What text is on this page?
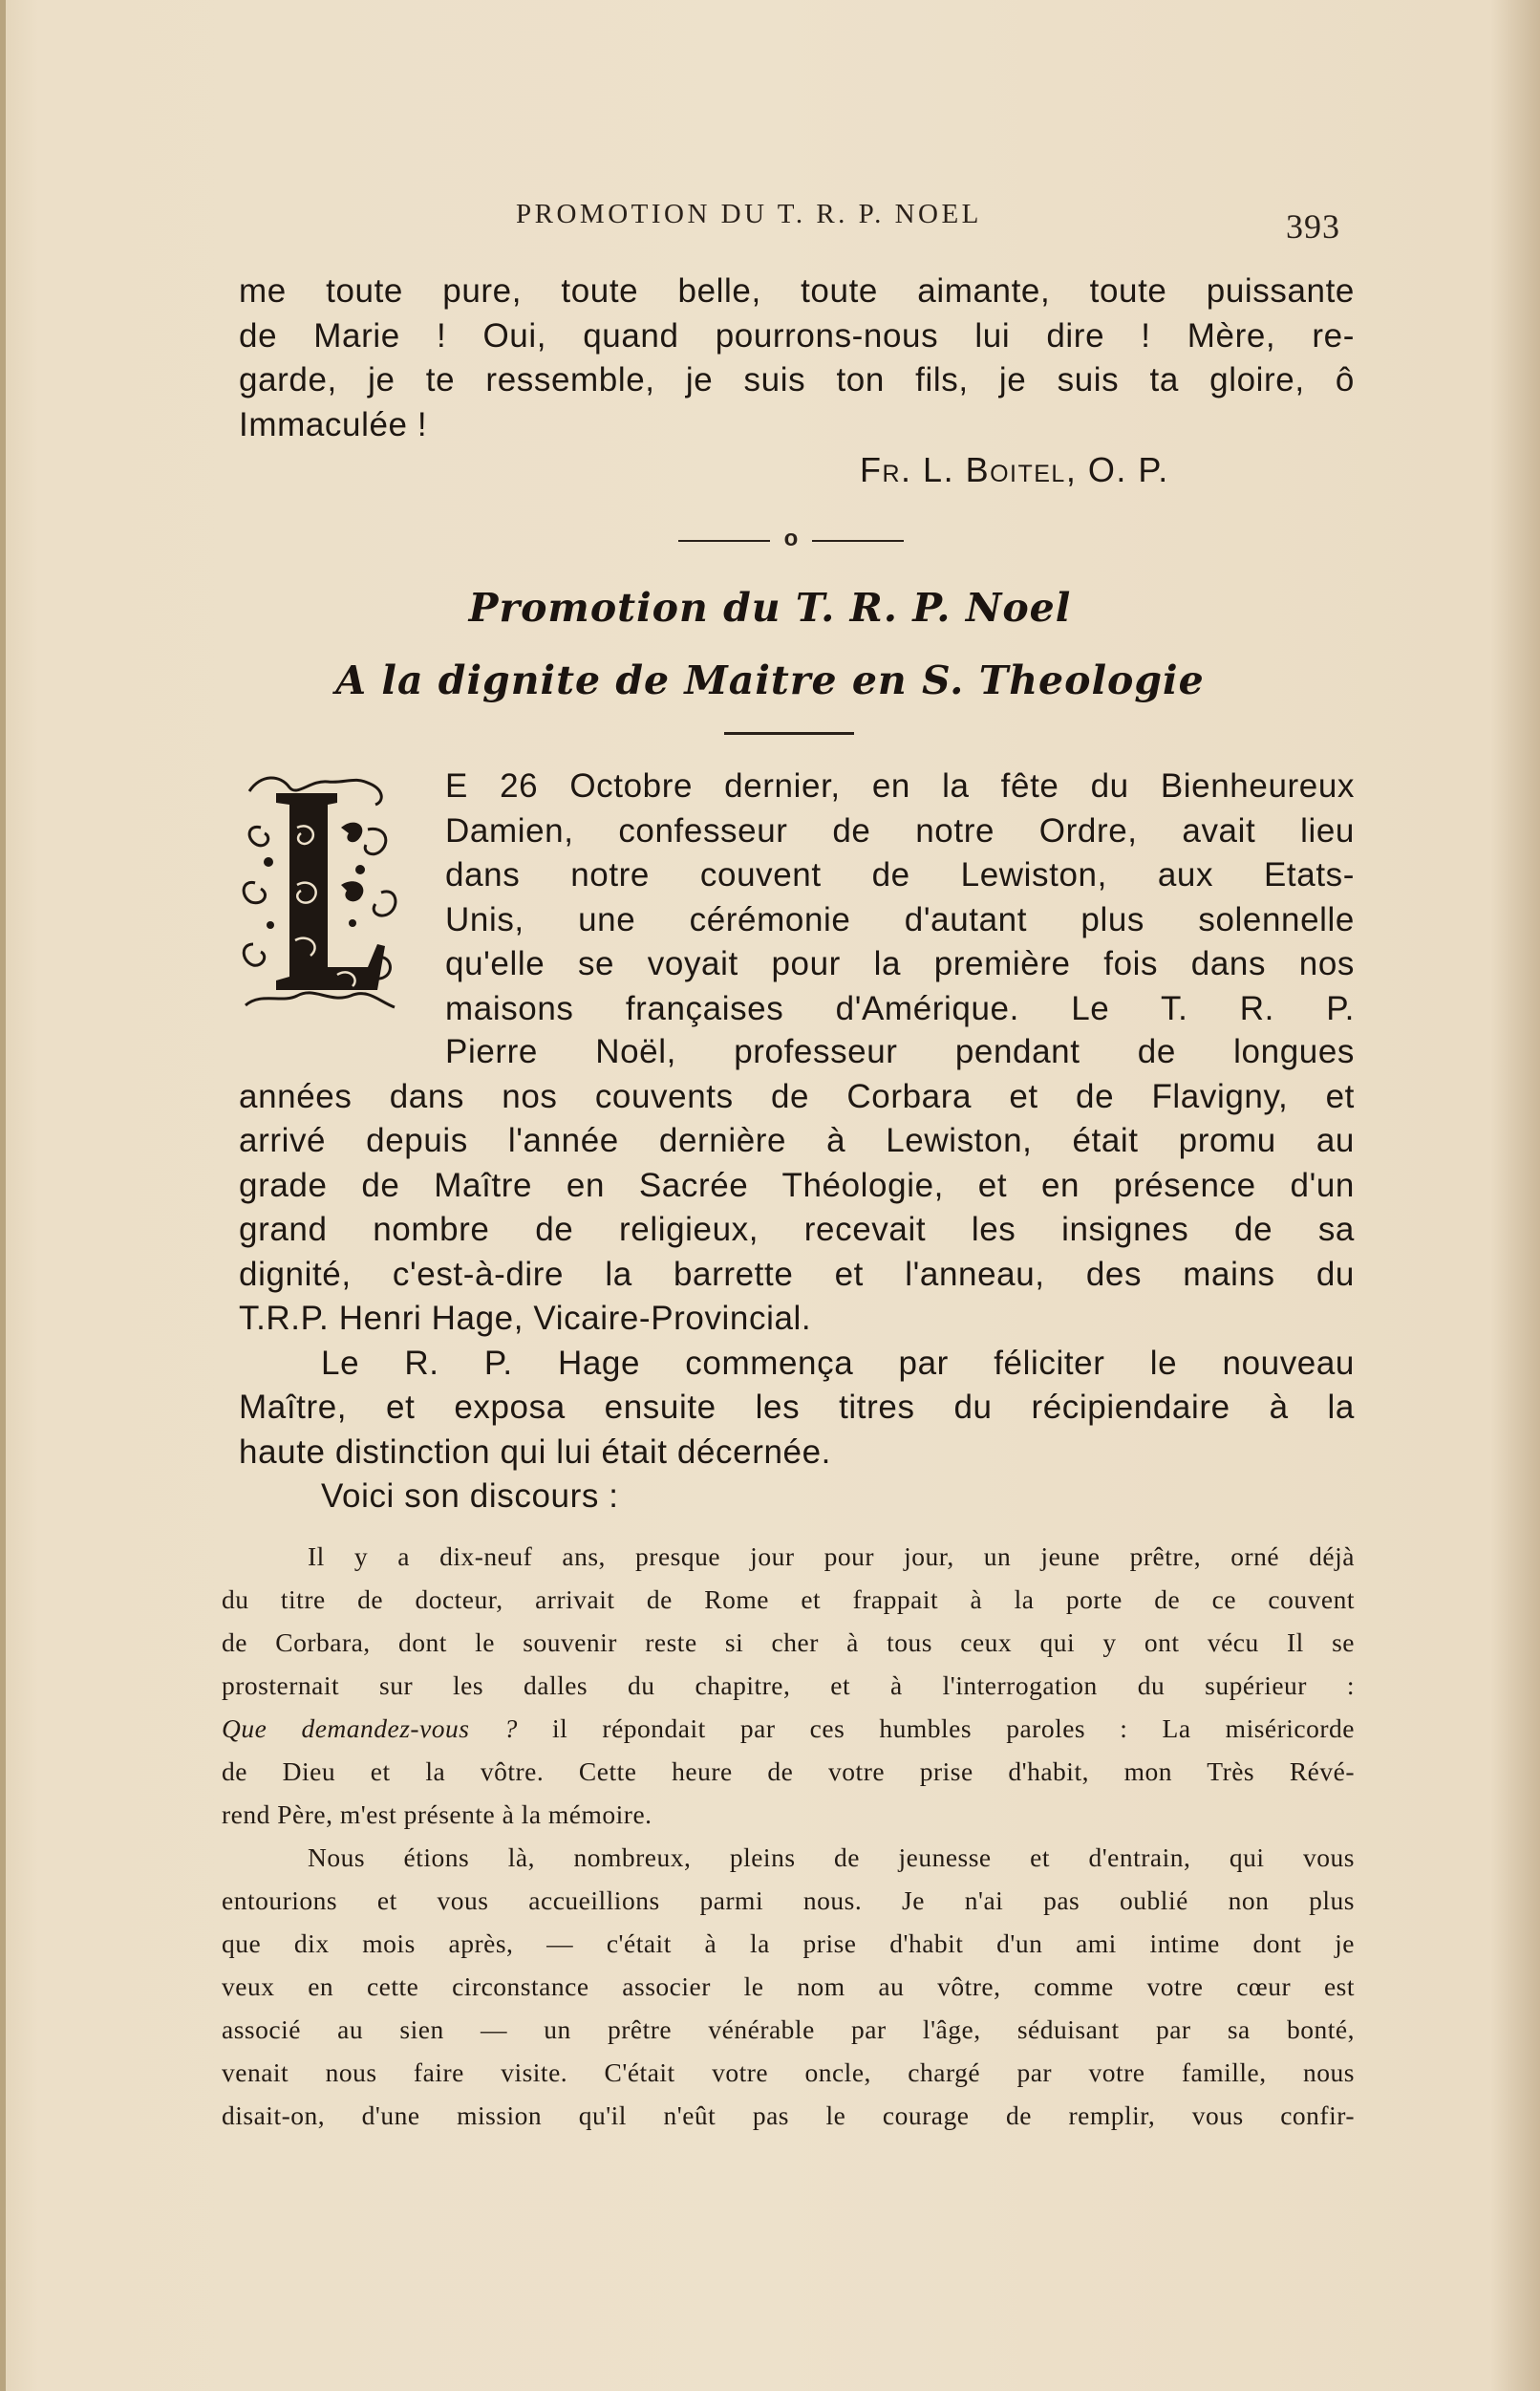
PROMOTION DU T. R. P. NOEL	393

me toute pure, toute belle, toute aimante, toute puissante

de Marie ! Oui, quand pourrons-nous lui dire ! Mère, re-

garde, je te ressemble, je suis ton fils, je suis ta gloire, ô

Immaculée !

Fr. L. Boitel, O. P.
o
Promotion du T. R. P. Noel
A la dignite de Maitre en S. Theologie

E 26 Octobre dernier, en la fête du Bienheureux

Damien, confesseur de notre Ordre, avait lieu

dans notre couvent de Lewiston, aux Etats-

Unis, une cérémonie d'autant plus solennelle

qu'elle se voyait pour la première fois dans nos

maisons françaises d'Amérique. Le T. R. P.

Pierre Noël, professeur pendant de longues

années dans nos couvents de Corbara et de Flavigny, et

arrivé depuis l'année dernière à Lewiston, était promu au

grade de Maître en Sacrée Théologie, et en présence d'un

grand nombre de religieux, recevait les insignes de sa

dignité, c'est-à-dire la barrette et l'anneau, des mains du

T.R.P. Henri Hage, Vicaire-Provincial.

Le R. P. Hage commença par féliciter le nouveau

Maître, et exposa ensuite les titres du récipiendaire à la

haute distinction qui lui était décernée.

Voici son discours :

Il y a dix-neuf ans, presque jour pour jour, un jeune prêtre, orné déjà

du titre de docteur, arrivait de Rome et frappait à la porte de ce couvent

de Corbara, dont le souvenir reste si cher à tous ceux qui y ont vécu Il se

prosternait sur les dalles du chapitre, et à l'interrogation du supérieur :

Que demandez-vous ? il répondait par ces humbles paroles : La miséricorde

de Dieu et la vôtre. Cette heure de votre prise d'habit, mon Très Révé-

rend Père, m'est présente à la mémoire.

Nous étions là, nombreux, pleins de jeunesse et d'entrain, qui vous

entourions et vous accueillions parmi nous. Je n'ai pas oublié non plus

que dix mois après, — c'était à la prise d'habit d'un ami intime dont je

veux en cette circonstance associer le nom au vôtre, comme votre cœur est

associé au sien — un prêtre vénérable par l'âge, séduisant par sa bonté,

venait nous faire visite. C'était votre oncle, chargé par votre famille, nous

disait-on, d'une mission qu'il n'eût pas le courage de remplir, vous confir-
